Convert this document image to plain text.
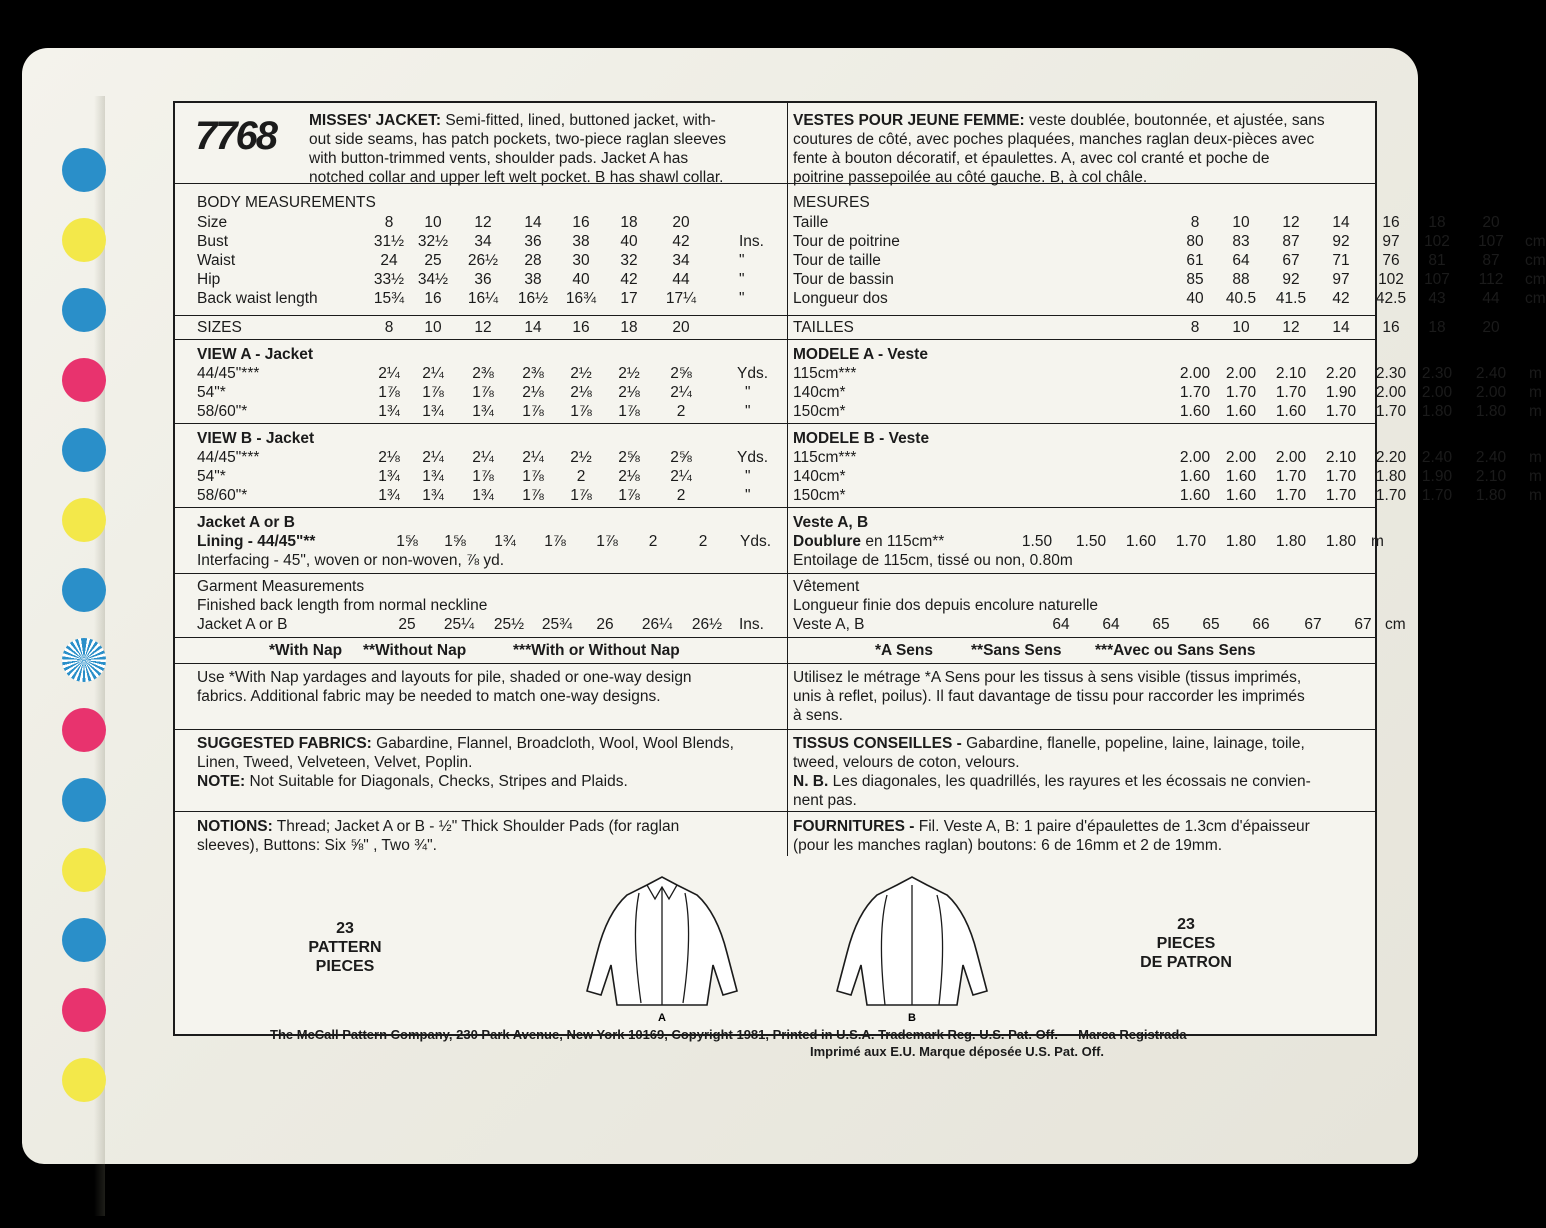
7768 MISSES' JACKET: Semi-fitted, lined, buttoned jacket, with-
out side seams, has patch pockets, two-piece raglan sleeves
with button-trimmed vents, shoulder pads. Jacket A has
notched collar and upper left welt pocket. B has shawl collar.
BODY MEASUREMENTS
Size	8	10	12	14	16	18	20
Bust	31½ 32½	34	36	38	40	42	Ins.
Waist	24	25	26½	28	30	32	34	"
Hip	33½ 34½	36	38	40	42	44	"
Back waist length	15¾	16	16¼	16½	16¾	17	17¼	"
SIZES	8	10	12	14	16	18	20
VIEW A - Jacket
44/45"***	2¼	2¼	2⅜	2⅜	2½	2½	2⅝	Yds.
54"*	1⅞	1⅞	1⅞	2⅛	2⅛	2⅛	2¼	"
58/60"*	1¾	1¾	1¾	1⅞	1⅞	1⅞	2	"
VIEW B - Jacket
44/45"***	2⅛	2¼	2¼	2¼	2½	2⅝	2⅝	Yds.
54"*	1¾	1¾	1⅞	1⅞	2	2⅛	2¼	"
58/60"*	1¾	1¾	1¾	1⅞	1⅞	1⅞	2	"
Jacket A or B
Lining - 44/45"**	1⅝	1⅝	1¾	1⅞	1⅞	2	2	Yds.
Interfacing - 45", woven or non-woven, ⅞ yd.
Garment Measurements
Finished back length from normal neckline
Jacket A or B	25	25¼	25½	25¾	26	26¼	26½	Ins.
*With Nap **Without Nap	***With or Without Nap
Use *With Nap yardages and layouts for pile, shaded or one-way design
fabrics. Additional fabric may be needed to match one-way designs.
SUGGESTED FABRICS: Gabardine, Flannel, Broadcloth, Wool, Wool Blends,
Linen, Tweed, Velveteen, Velvet, Poplin.
NOTE: Not Suitable for Diagonals, Checks, Stripes and Plaids.
NOTIONS: Thread; Jacket A or B - ½" Thick Shoulder Pads (for raglan
sleeves), Buttons: Six ⅝" , Two ¾".
VESTES POUR JEUNE FEMME: veste doublée, boutonnée, et ajustée, sans
coutures de côté, avec poches plaquées, manches raglan deux-pièces avec
fente à bouton décoratif, et épaulettes. A, avec col cranté et poche de
poitrine passepoilée au côté gauche. B, à col châle.
MESURES
Taille	8	10	12	14	16	18	20
Tour de poitrine	80	83	87	92	97	102	107	cm
Tour de taille	61	64	67	71	76	81	87	cm
Tour de bassin	85	88	92	97	102	107	112	cm
Longueur dos	40	40.5	41.5	42	42.5	43	44	cm
TAILLES	8	10	12	14	16	18	20
MODELE A - Veste
115cm***	2.00	2.00	2.10	2.20	2.30	2.30	2.40	m
140cm*	1.70	1.70	1.70	1.90	2.00	2.00	2.00	m
150cm*	1.60	1.60	1.60	1.70	1.70	1.80	1.80	m
MODELE B - Veste
115cm***	2.00	2.00	2.00	2.10	2.20	2.40	2.40	m
140cm*	1.60	1.60	1.70	1.70	1.80	1.90	2.10	m
150cm*	1.60	1.60	1.70	1.70	1.70	1.70	1.80	m
Veste A, B
Doublure en 115cm**	1.50	1.50	1.60	1.70	1.80	1.80	1.80 m
Entoilage de 115cm, tissé ou non, 0.80m
Vêtement
Longueur finie dos depuis encolure naturelle
Veste A, B	64	64	65	65	66	67	67 cm
*A Sens **Sans Sens ***Avec ou Sans Sens
Utilisez le métrage *A Sens pour les tissus à sens visible (tissus imprimés,
unis à reflet, poilus). Il faut davantage de tissu pour raccorder les imprimés
à sens.
TISSUS CONSEILLES - Gabardine, flanelle, popeline, laine, lainage, toile,
tweed, velours de coton, velours.
N. B. Les diagonales, les quadrillés, les rayures et les écossais ne convien-
nent pas.
FOURNITURES - Fil. Veste A, B: 1 paire d'épaulettes de 1.3cm d'épaisseur
(pour les manches raglan) boutons: 6 de 16mm et 2 de 19mm.
23
PATTERN
PIECES
23
PIECES
DE PATRON
A	B
The McCall Pattern Company, 230 Park Avenue, New York 10169, Copyright 1981, Printed in U.S.A. Trademark Reg. U.S. Pat. Off. — Marca Registrada
Imprimé aux E.U. Marque déposée U.S. Pat. Off.
